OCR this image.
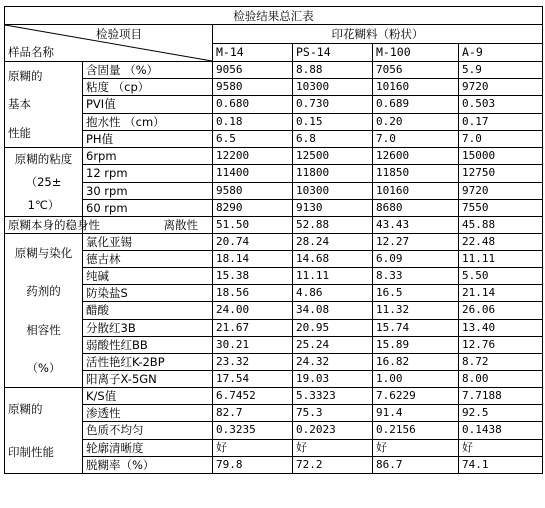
检验结果总汇表					

检验项目
样品名称		印花糊料（粉状）			
		M-14	PS-14	M-100	A-9

原糊的
基本
性能	含固量 （%）	9056	8.88	7056	5.9
	粘度 （cp）	9580	10300	10160	9720
	PVI值	0.680	0.730	0.689	0.503
	抱水性 （cm）	0.18	0.15	0.20	0.17
	PH值	6.5	6.8	7.0	7.0

原糊的粘度
（25±
1℃）	6rpm	12200	12500	12600	15000
	12 rpm	11400	11800	11850	12750
	30 rpm	9580	10300	10160	9720
	60 rpm	8290	9130	8680	7550
原糊本身的稳身性	离散性	51.50	52.88	43.43	45.88

原糊与染化
药剂的
相容性
（%）	氯化亚锡	20.74	28.24	12.27	22.48
	德古林	18.14	14.68	6.09	11.11
	纯碱	15.38	11.11	8.33	5.50
	防染盐S	18.56	4.86	16.5	21.14
	醋酸	24.00	34.08	11.32	26.06
	分散红3B	21.67	20.95	15.74	13.40
	弱酸性红BB	30.21	25.24	15.89	12.76
	活性艳红K-2BP	23.32	24.32	16.82	8.72
	阳离子X-5GN	17.54	19.03	1.00	8.00

原糊的
印制性能	K/S值	6.7452	5.3323	7.6229	7.7188
	渗透性	82.7	75.3	91.4	92.5
	色质不均匀	0.3235	0.2023	0.2156	0.1438
	轮廓清晰度	好	好	好	好
	脱糊率（%）	79.8	72.2	86.7	74.1
